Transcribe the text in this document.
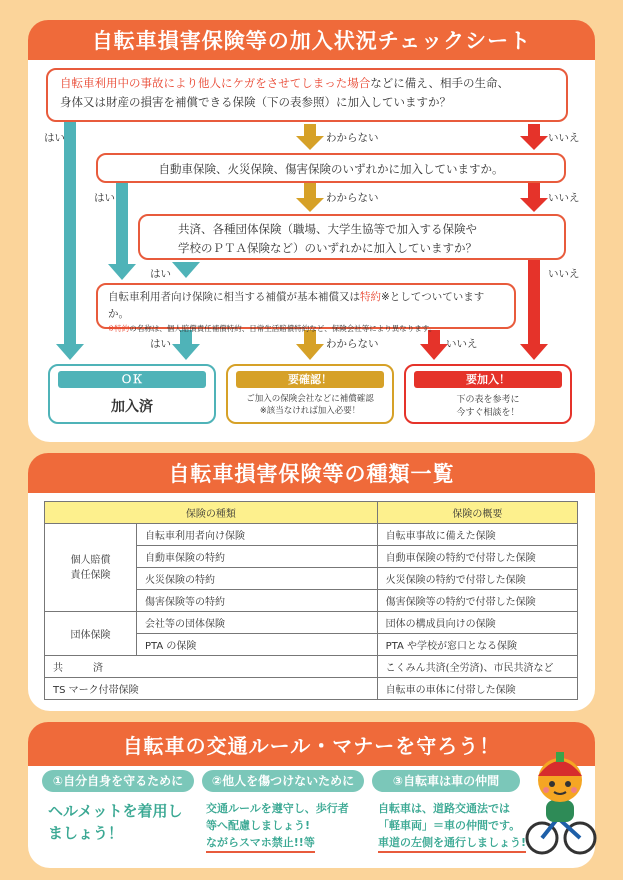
自転車損害保険等の加入状況チェックシート
自転車利用中の事故により他人にケガをさせてしまった場合などに備え、相手の生命、
身体又は財産の損害を補償できる保険（下の表参照）に加入していますか？
はい	わからない	いいえ
自動車保険、火災保険、傷害保険のいずれかに加入していますか。
はい	わからない	いいえ
共済、各種団体保険（職場、大学生協等で加入する保険や
学校のＰＴＡ保険など）のいずれかに加入していますか？
はい	いいえ
自転車利用者向け保険に相当する補償が基本補償又は特約※としてついていますか。
※特約の名称は、個人賠償責任補償特約、日常生活賠償特約など、保険会社等により異なります。
はい	わからない	いいえ
ＯＫ
加入済
要確認！
ご加入の保険会社などに補償確認
※該当なければ加入必要！
要加入！
下の表を参考に
今すぐ相談を！
自転車損害保険等の種類一覧
保険の種類		保険の概要
個人賠償
責任保険	自転車利用者向け保険	自転車事故に備えた保険
	自動車保険の特約	自動車保険の特約で付帯した保険
	火災保険の特約	火災保険の特約で付帯した保険
	傷害保険等の特約	傷害保険等の特約で付帯した保険
団体保険	会社等の団体保険	団体の構成員向けの保険
	PTA の保険	PTA や学校が窓口となる保険
共　　　済		こくみん共済(全労済)、市民共済など
TS マーク付帯保険		自転車の車体に付帯した保険
自転車の交通ルール・マナーを守ろう！
①自分自身を守るために	②他人を傷つけないために	③自転車は車の仲間
ヘルメットを着用し
ましょう！
交通ルールを遵守し、歩行者
等へ配慮しましょう!
ながらスマホ禁止!!等
自転車は、道路交通法では
「軽車両」＝車の仲間です。
車道の左側を通行しましょう!
